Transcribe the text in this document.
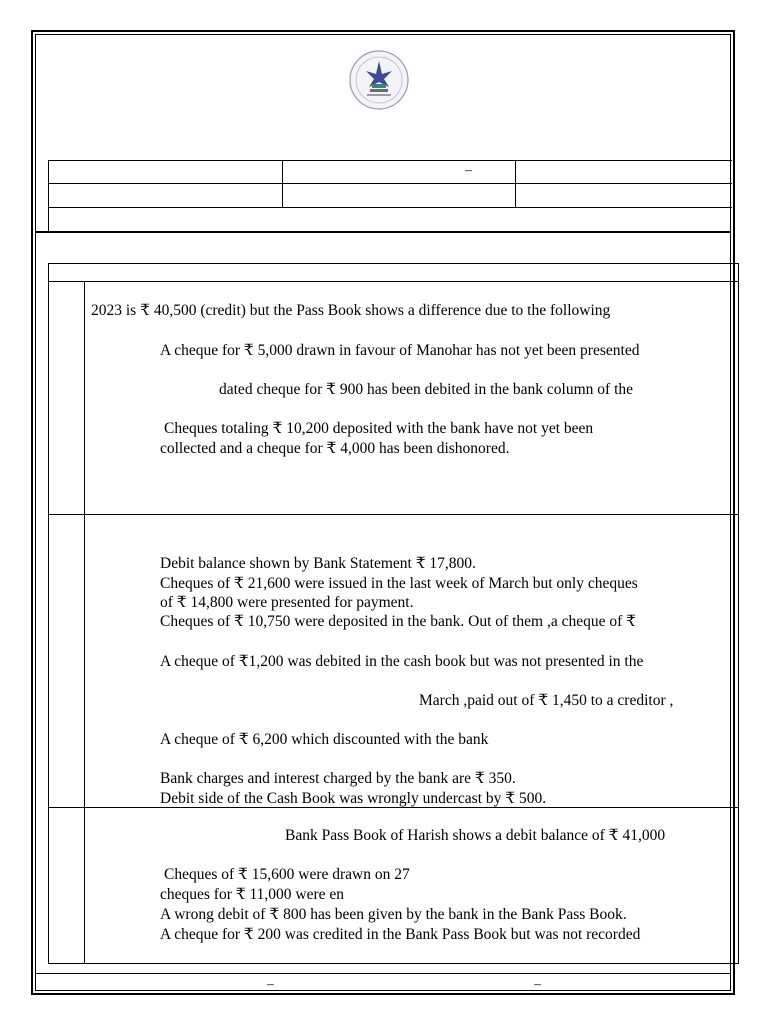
–
2023 is ₹ 40,500 (credit) but the Pass Book shows a difference due to the following
A cheque for ₹ 5,000 drawn in favour of Manohar has not yet been presented
dated cheque for ₹ 900 has been debited in the bank column of the
Cheques totaling ₹ 10,200 deposited with the bank have not yet been
collected and a cheque for ₹ 4,000 has been dishonored.
Debit balance shown by Bank Statement ₹ 17,800.
Cheques of ₹ 21,600 were issued in the last week of March but only cheques
of ₹ 14,800 were presented for payment.
Cheques of ₹ 10,750 were deposited in the bank. Out of them ,a cheque of ₹
A cheque of ₹1,200 was debited in the cash book but was not presented in the
March ,paid out of ₹ 1,450 to a creditor ,
A cheque of ₹ 6,200 which discounted with the bank
Bank charges and interest charged by the bank are ₹ 350.
Debit side of the Cash Book was wrongly undercast by ₹ 500.
Bank Pass Book of Harish shows a debit balance of ₹ 41,000
Cheques of ₹ 15,600 were drawn on 27
cheques for ₹ 11,000 were en
A wrong debit of ₹ 800 has been given by the bank in the Bank Pass Book.
A cheque for ₹ 200 was credited in the Bank Pass Book but was not recorded
–	–
